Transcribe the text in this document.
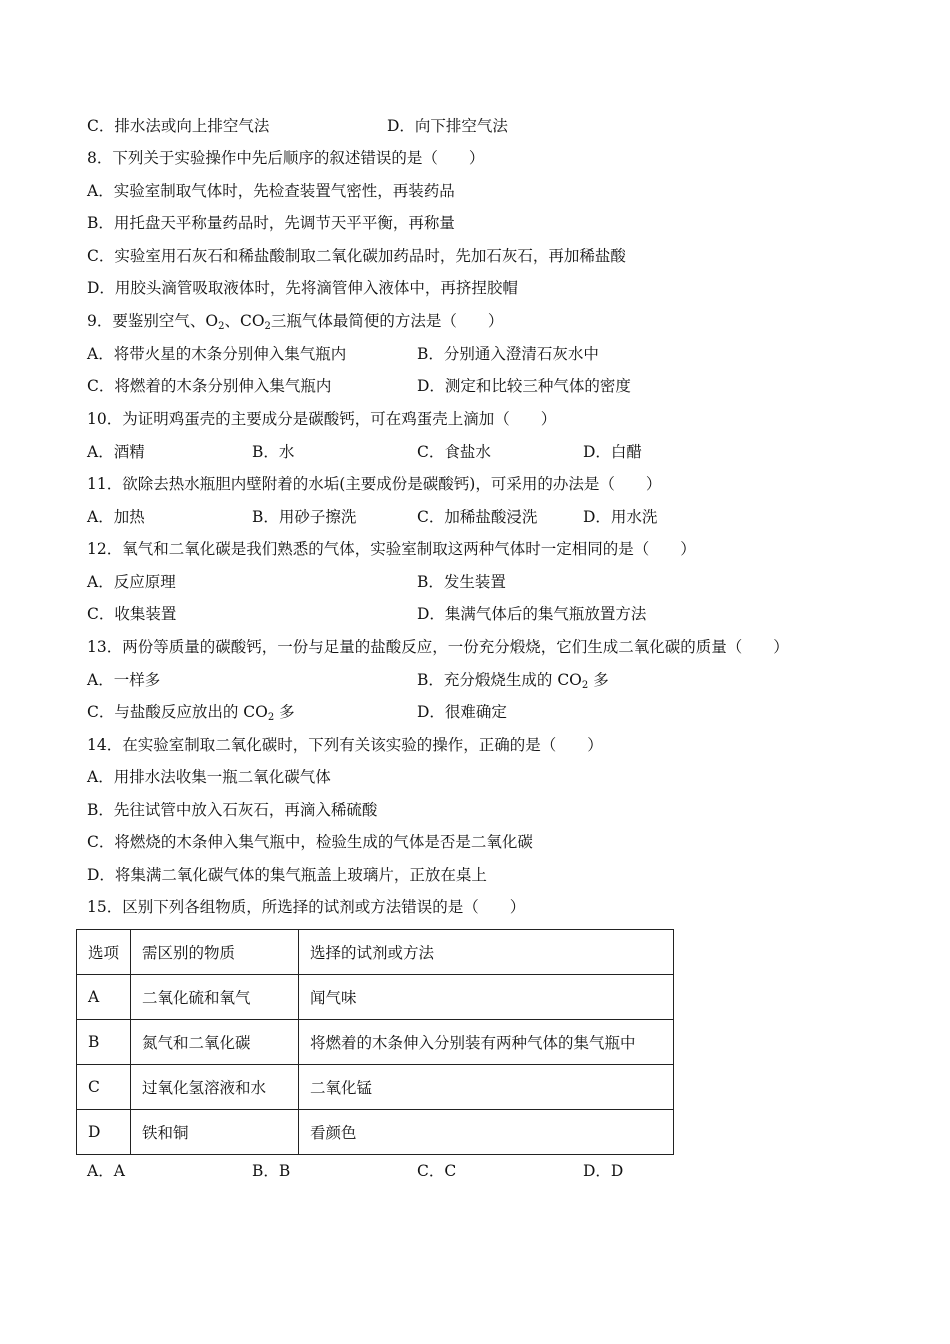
C．排水法或向上排空气法	D．向下排空气法
8．下列关于实验操作中先后顺序的叙述错误的是（　　）
A．实验室制取气体时，先检查装置气密性，再装药品
B．用托盘天平称量药品时，先调节天平平衡，再称量
C．实验室用石灰石和稀盐酸制取二氧化碳加药品时，先加石灰石，再加稀盐酸
D．用胶头滴管吸取液体时，先将滴管伸入液体中，再挤捏胶帽
9．要鉴别空气、$O_2$、$CO_2$三瓶气体最简便的方法是（　　）
A．将带火星的木条分别伸入集气瓶内	B．分别通入澄清石灰水中
C．将燃着的木条分别伸入集气瓶内	D．测定和比较三种气体的密度
10．为证明鸡蛋壳的主要成分是碳酸钙，可在鸡蛋壳上滴加（　　）
A．酒精	B．水	C．食盐水	D．白醋
11．欲除去热水瓶胆内壁附着的水垢(主要成份是碳酸钙)，可采用的办法是（　　）
A．加热	B．用砂子擦洗	C．加稀盐酸浸洗	D．用水洗
12．氧气和二氧化碳是我们熟悉的气体，实验室制取这两种气体时一定相同的是（　　）
A．反应原理	B．发生装置
C．收集装置	D．集满气体后的集气瓶放置方法
13．两份等质量的碳酸钙，一份与足量的盐酸反应，一份充分煅烧，它们生成二氧化碳的质量（　　）
A．一样多	B．充分煅烧生成的 $CO_2$ 多
C．与盐酸反应放出的 $CO_2$ 多	D．很难确定
14．在实验室制取二氧化碳时，下列有关该实验的操作，正确的是（　　）
A．用排水法收集一瓶二氧化碳气体
B．先往试管中放入石灰石，再滴入稀硫酸
C．将燃烧的木条伸入集气瓶中，检验生成的气体是否是二氧化碳
D．将集满二氧化碳气体的集气瓶盖上玻璃片，正放在桌上
15．区别下列各组物质，所选择的试剂或方法错误的是（　　）
选项	需区别的物质	选择的试剂或方法
A	二氧化硫和氧气	闻气味
B	氮气和二氧化碳	将燃着的木条伸入分别装有两种气体的集气瓶中
C	过氧化氢溶液和水	二氧化锰
D	铁和铜	看颜色
A．A	B．B	C．C	D．D
